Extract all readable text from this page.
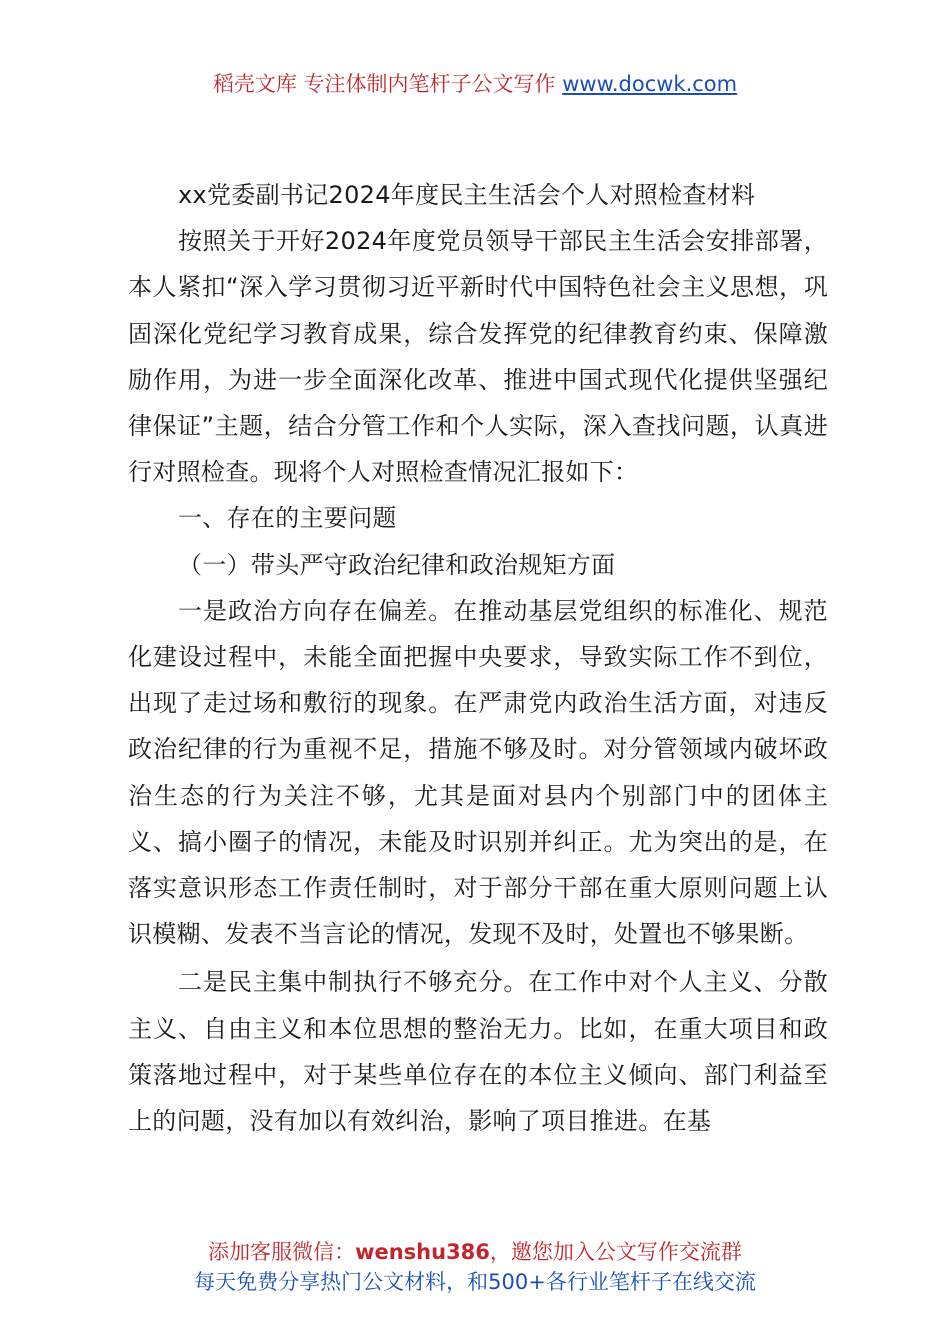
稻壳文库 专注体制内笔杆子公文写作 www.docwk.com

xx党委副书记2024年度民主生活会个人对照检查材料

按照关于开好2024年度党员领导干部民主生活会安排部署，本人紧扣“深入学习贯彻习近平新时代中国特色社会主义思想，巩固深化党纪学习教育成果，综合发挥党的纪律教育约束、保障激励作用，为进一步全面深化改革、推进中国式现代化提供坚强纪律保证”主题，结合分管工作和个人实际，深入查找问题，认真进行对照检查。现将个人对照检查情况汇报如下：

一、存在的主要问题

（一）带头严守政治纪律和政治规矩方面

一是政治方向存在偏差。在推动基层党组织的标准化、规范化建设过程中，未能全面把握中央要求，导致实际工作不到位，出现了走过场和敷衍的现象。在严肃党内政治生活方面，对违反政治纪律的行为重视不足，措施不够及时。对分管领域内破坏政治生态的行为关注不够，尤其是面对县内个别部门中的团体主义、搞小圈子的情况，未能及时识别并纠正。尤为突出的是，在落实意识形态工作责任制时，对于部分干部在重大原则问题上认识模糊、发表不当言论的情况，发现不及时，处置也不够果断。

二是民主集中制执行不够充分。在工作中对个人主义、分散主义、自由主义和本位思想的整治无力。比如，在重大项目和政策落地过程中，对于某些单位存在的本位主义倾向、部门利益至上的问题，没有加以有效纠治，影响了项目推进。在基

添加客服微信：wenshu386，邀您加入公文写作交流群
每天免费分享热门公文材料，和500+各行业笔杆子在线交流
